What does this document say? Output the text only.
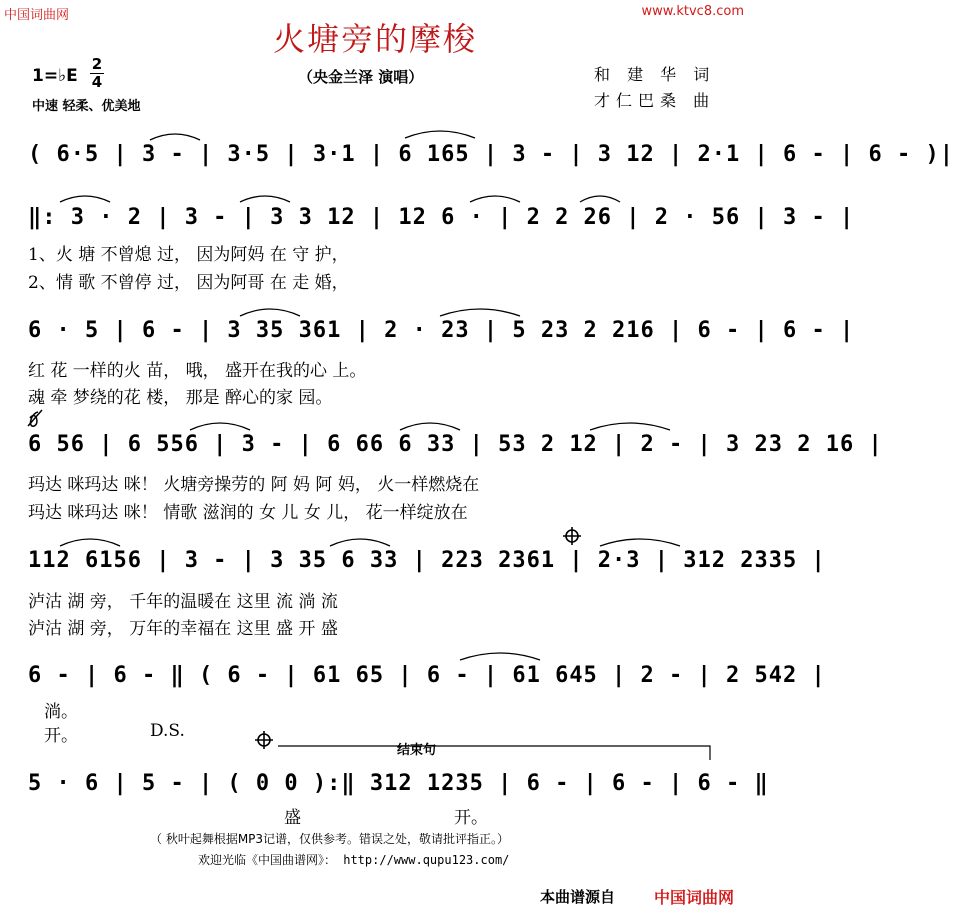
中国词曲网	www.ktvc8.com
火塘旁的摩梭
（央金兰泽 演唱）	和 建 华 词
才仁巴桑 曲
1=♭E $\frac{2}{4}$
中速 轻柔、优美地
( 6·5 | 3 - | 3·5 | 3·1 | 6 165 | 3 - | 3 12 | 2·1 | 6 - | 6 - )|
‖: 3 · 2 | 3 - | 3 3 12 | 12 6 · | 2 2 26 | 2 · 56 | 3 - |
1、火 塘 不曾熄 过， 因为阿妈 在 守 护，
2、情 歌 不曾停 过， 因为阿哥 在 走 婚，
6 · 5 | 6 - | 3 35 361 | 2 · 23 | 5 23 2 216 | 6 - | 6 - |
红 花 一样的火 苗， 哦， 盛开在我的心 上。
魂 牵 梦绕的花 楼， 那是 醉心的家 园。
6 56 | 6 556 | 3 - | 6 66 6 33 | 53 2 12 | 2 - | 3 23 2 16 |
玛达 咪玛达 咪！ 火塘旁操劳的 阿 妈 阿 妈， 火一样燃烧在
玛达 咪玛达 咪！ 情歌 滋润的 女 儿 女 儿， 花一样绽放在
112 6156 | 3 - | 3 35 6 33 | 223 2361 | 2·3 | 312 2335 |
泸沽 湖 旁， 千年的温暖在 这里 流 淌 流
泸沽 湖 旁， 万年的幸福在 这里 盛 开 盛
6 - | 6 - ‖ ( 6 - | 61 65 | 6 - | 61 645 | 2 - | 2 542 |
淌。
开。	D.S.
结束句
5 · 6 | 5 - | ( 0 0 ):‖ 312 1235 | 6 - | 6 - | 6 - ‖
盛	开。
（ 秋叶起舞根据MP3记谱，仅供参考。错误之处，敬请批评指正。）
欢迎光临《中国曲谱网》： http://www.qupu123.com/
本曲谱源自 中国词曲网
